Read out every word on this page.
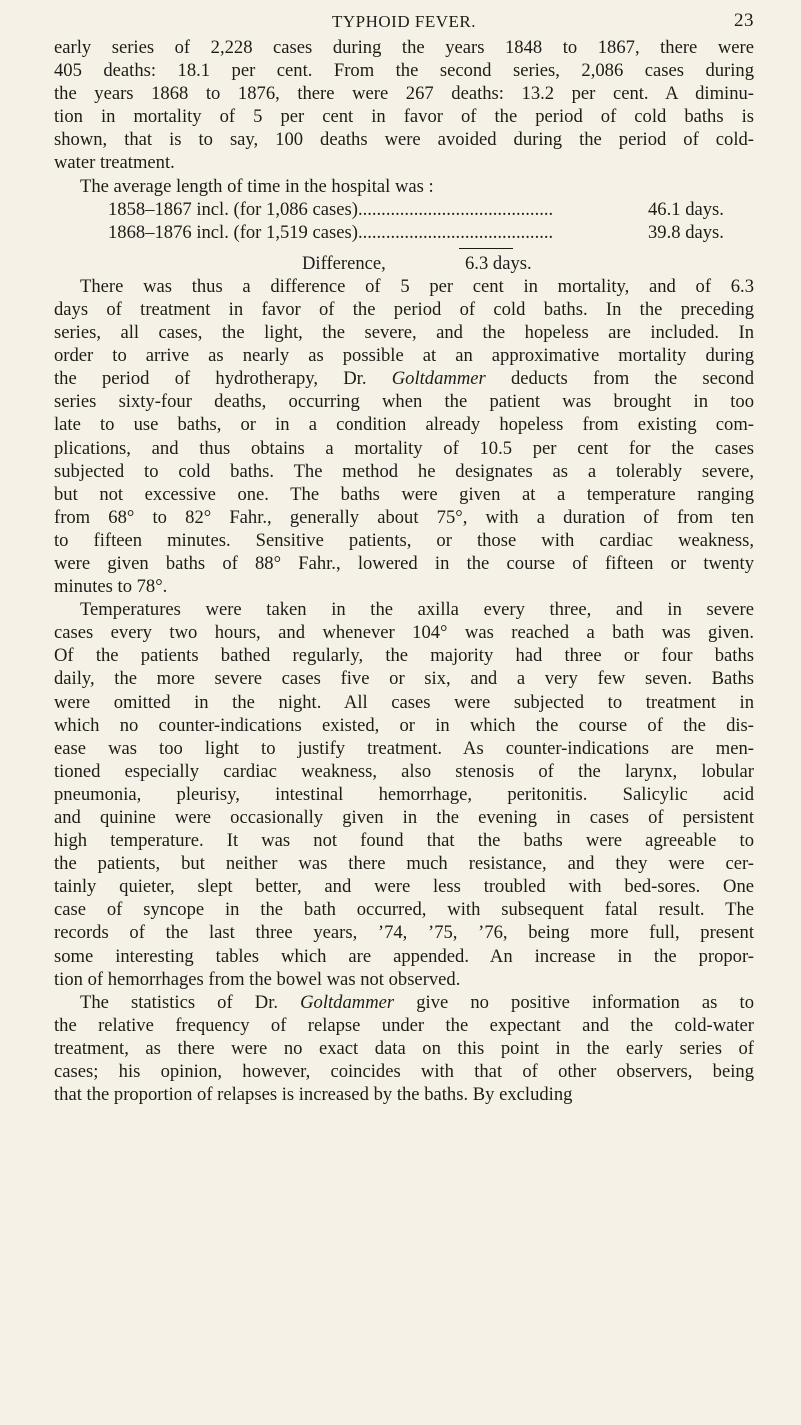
TYPHOID FEVER.	23
early series of 2,228 cases during the years 1848 to 1867, there were
405 deaths: 18.1 per cent. From the second series, 2,086 cases during
the years 1868 to 1876, there were 267 deaths: 13.2 per cent. A diminu-
tion in mortality of 5 per cent in favor of the period of cold baths is
shown, that is to say, 100 deaths were avoided during the period of cold-
water treatment.
The average length of time in the hospital was :
1858–1867 incl. (for 1,086 cases) ..........................................	46.1 days.
1868–1876 incl. (for 1,519 cases) ..........................................	39.8 days.
Difference,	6.3 days.
There was thus a difference of 5 per cent in mortality, and of 6.3
days of treatment in favor of the period of cold baths. In the preceding
series, all cases, the light, the severe, and the hopeless are included. In
order to arrive as nearly as possible at an approximative mortality during
the period of hydrotherapy, Dr. Goltdammer deducts from the second
series sixty-four deaths, occurring when the patient was brought in too
late to use baths, or in a condition already hopeless from existing com-
plications, and thus obtains a mortality of 10.5 per cent for the cases
subjected to cold baths. The method he designates as a tolerably severe,
but not excessive one. The baths were given at a temperature ranging
from 68° to 82° Fahr., generally about 75°, with a duration of from ten
to fifteen minutes. Sensitive patients, or those with cardiac weakness,
were given baths of 88° Fahr., lowered in the course of fifteen or twenty
minutes to 78°.
Temperatures were taken in the axilla every three, and in severe
cases every two hours, and whenever 104° was reached a bath was given.
Of the patients bathed regularly, the majority had three or four baths
daily, the more severe cases five or six, and a very few seven. Baths
were omitted in the night. All cases were subjected to treatment in
which no counter-indications existed, or in which the course of the dis-
ease was too light to justify treatment. As counter-indications are men-
tioned especially cardiac weakness, also stenosis of the larynx, lobular
pneumonia, pleurisy, intestinal hemorrhage, peritonitis. Salicylic acid
and quinine were occasionally given in the evening in cases of persistent
high temperature. It was not found that the baths were agreeable to
the patients, but neither was there much resistance, and they were cer-
tainly quieter, slept better, and were less troubled with bed-sores. One
case of syncope in the bath occurred, with subsequent fatal result. The
records of the last three years, ’74, ’75, ’76, being more full, present
some interesting tables which are appended. An increase in the propor-
tion of hemorrhages from the bowel was not observed.
The statistics of Dr. Goltdammer give no positive information as to
the relative frequency of relapse under the expectant and the cold-water
treatment, as there were no exact data on this point in the early series of
cases; his opinion, however, coincides with that of other observers, being
that the proportion of relapses is increased by the baths. By excluding
